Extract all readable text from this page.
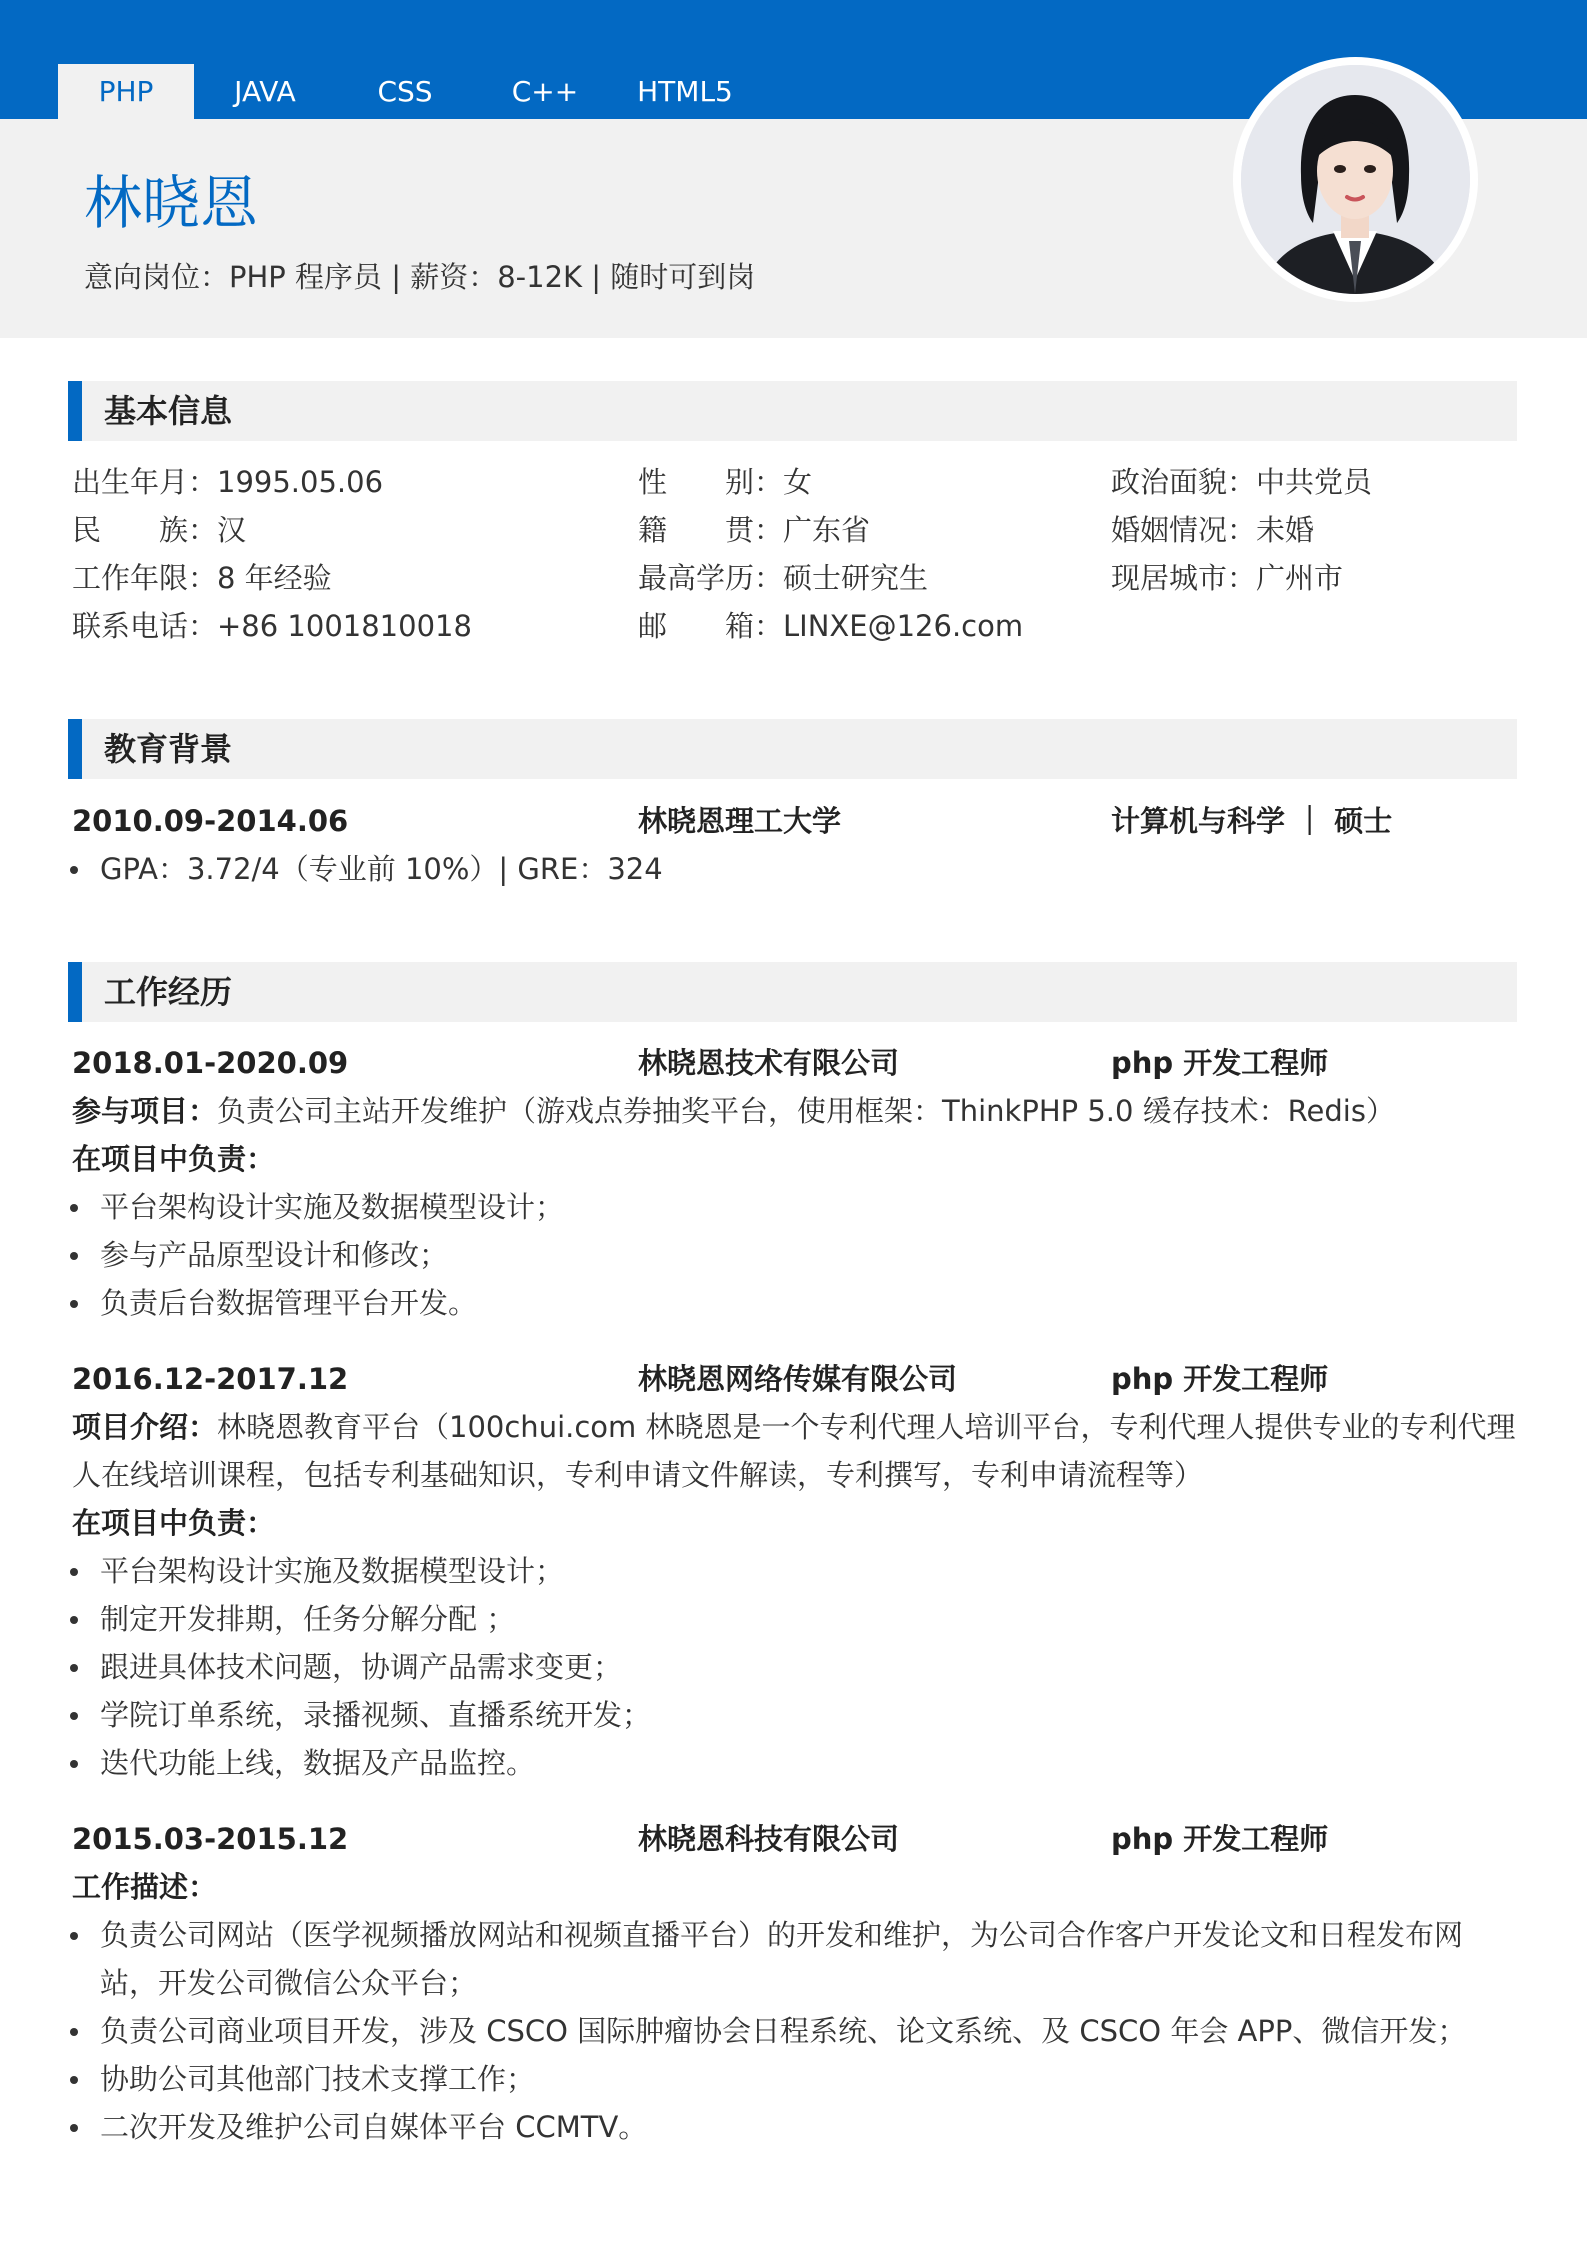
PHP	JAVA	CSS	C++	HTML5
林晓恩
意向岗位：PHP 程序员 | 薪资：8-12K | 随时可到岗
基本信息
出生年月：1995.05.06	性　　别：女	政治面貌：中共党员
民　　族：汉	籍　　贯：广东省	婚姻情况：未婚
工作年限：8 年经验	最高学历：硕士研究生	现居城市：广州市
联系电话：+86 1001810018	邮　　箱：LINXE@126.com
教育背景
2010.09-2014.06	林晓恩理工大学	计算机与科学 ｜ 硕士
GPA：3.72/4（专业前 10%）| GRE：324
工作经历
2018.01-2020.09	林晓恩技术有限公司	php 开发工程师
参与项目：负责公司主站开发维护（游戏点券抽奖平台，使用框架：ThinkPHP 5.0 缓存技术：Redis）
在项目中负责：
平台架构设计实施及数据模型设计；
参与产品原型设计和修改；
负责后台数据管理平台开发。
2016.12-2017.12	林晓恩网络传媒有限公司	php 开发工程师
项目介绍：林晓恩教育平台（100chui.com 林晓恩是一个专利代理人培训平台，专利代理人提供专业的专利代理人在线培训课程，包括专利基础知识，专利申请文件解读，专利撰写，专利申请流程等）
在项目中负责：
平台架构设计实施及数据模型设计；
制定开发排期，任务分解分配 ；
跟进具体技术问题，协调产品需求变更；
学院订单系统，录播视频、直播系统开发；
迭代功能上线，数据及产品监控。
2015.03-2015.12	林晓恩科技有限公司	php 开发工程师
工作描述：
负责公司网站（医学视频播放网站和视频直播平台）的开发和维护，为公司合作客户开发论文和日程发布网站，开发公司微信公众平台；
负责公司商业项目开发，涉及 CSCO 国际肿瘤协会日程系统、论文系统、及 CSCO 年会 APP、微信开发；
协助公司其他部门技术支撑工作；
二次开发及维护公司自媒体平台 CCMTV。
